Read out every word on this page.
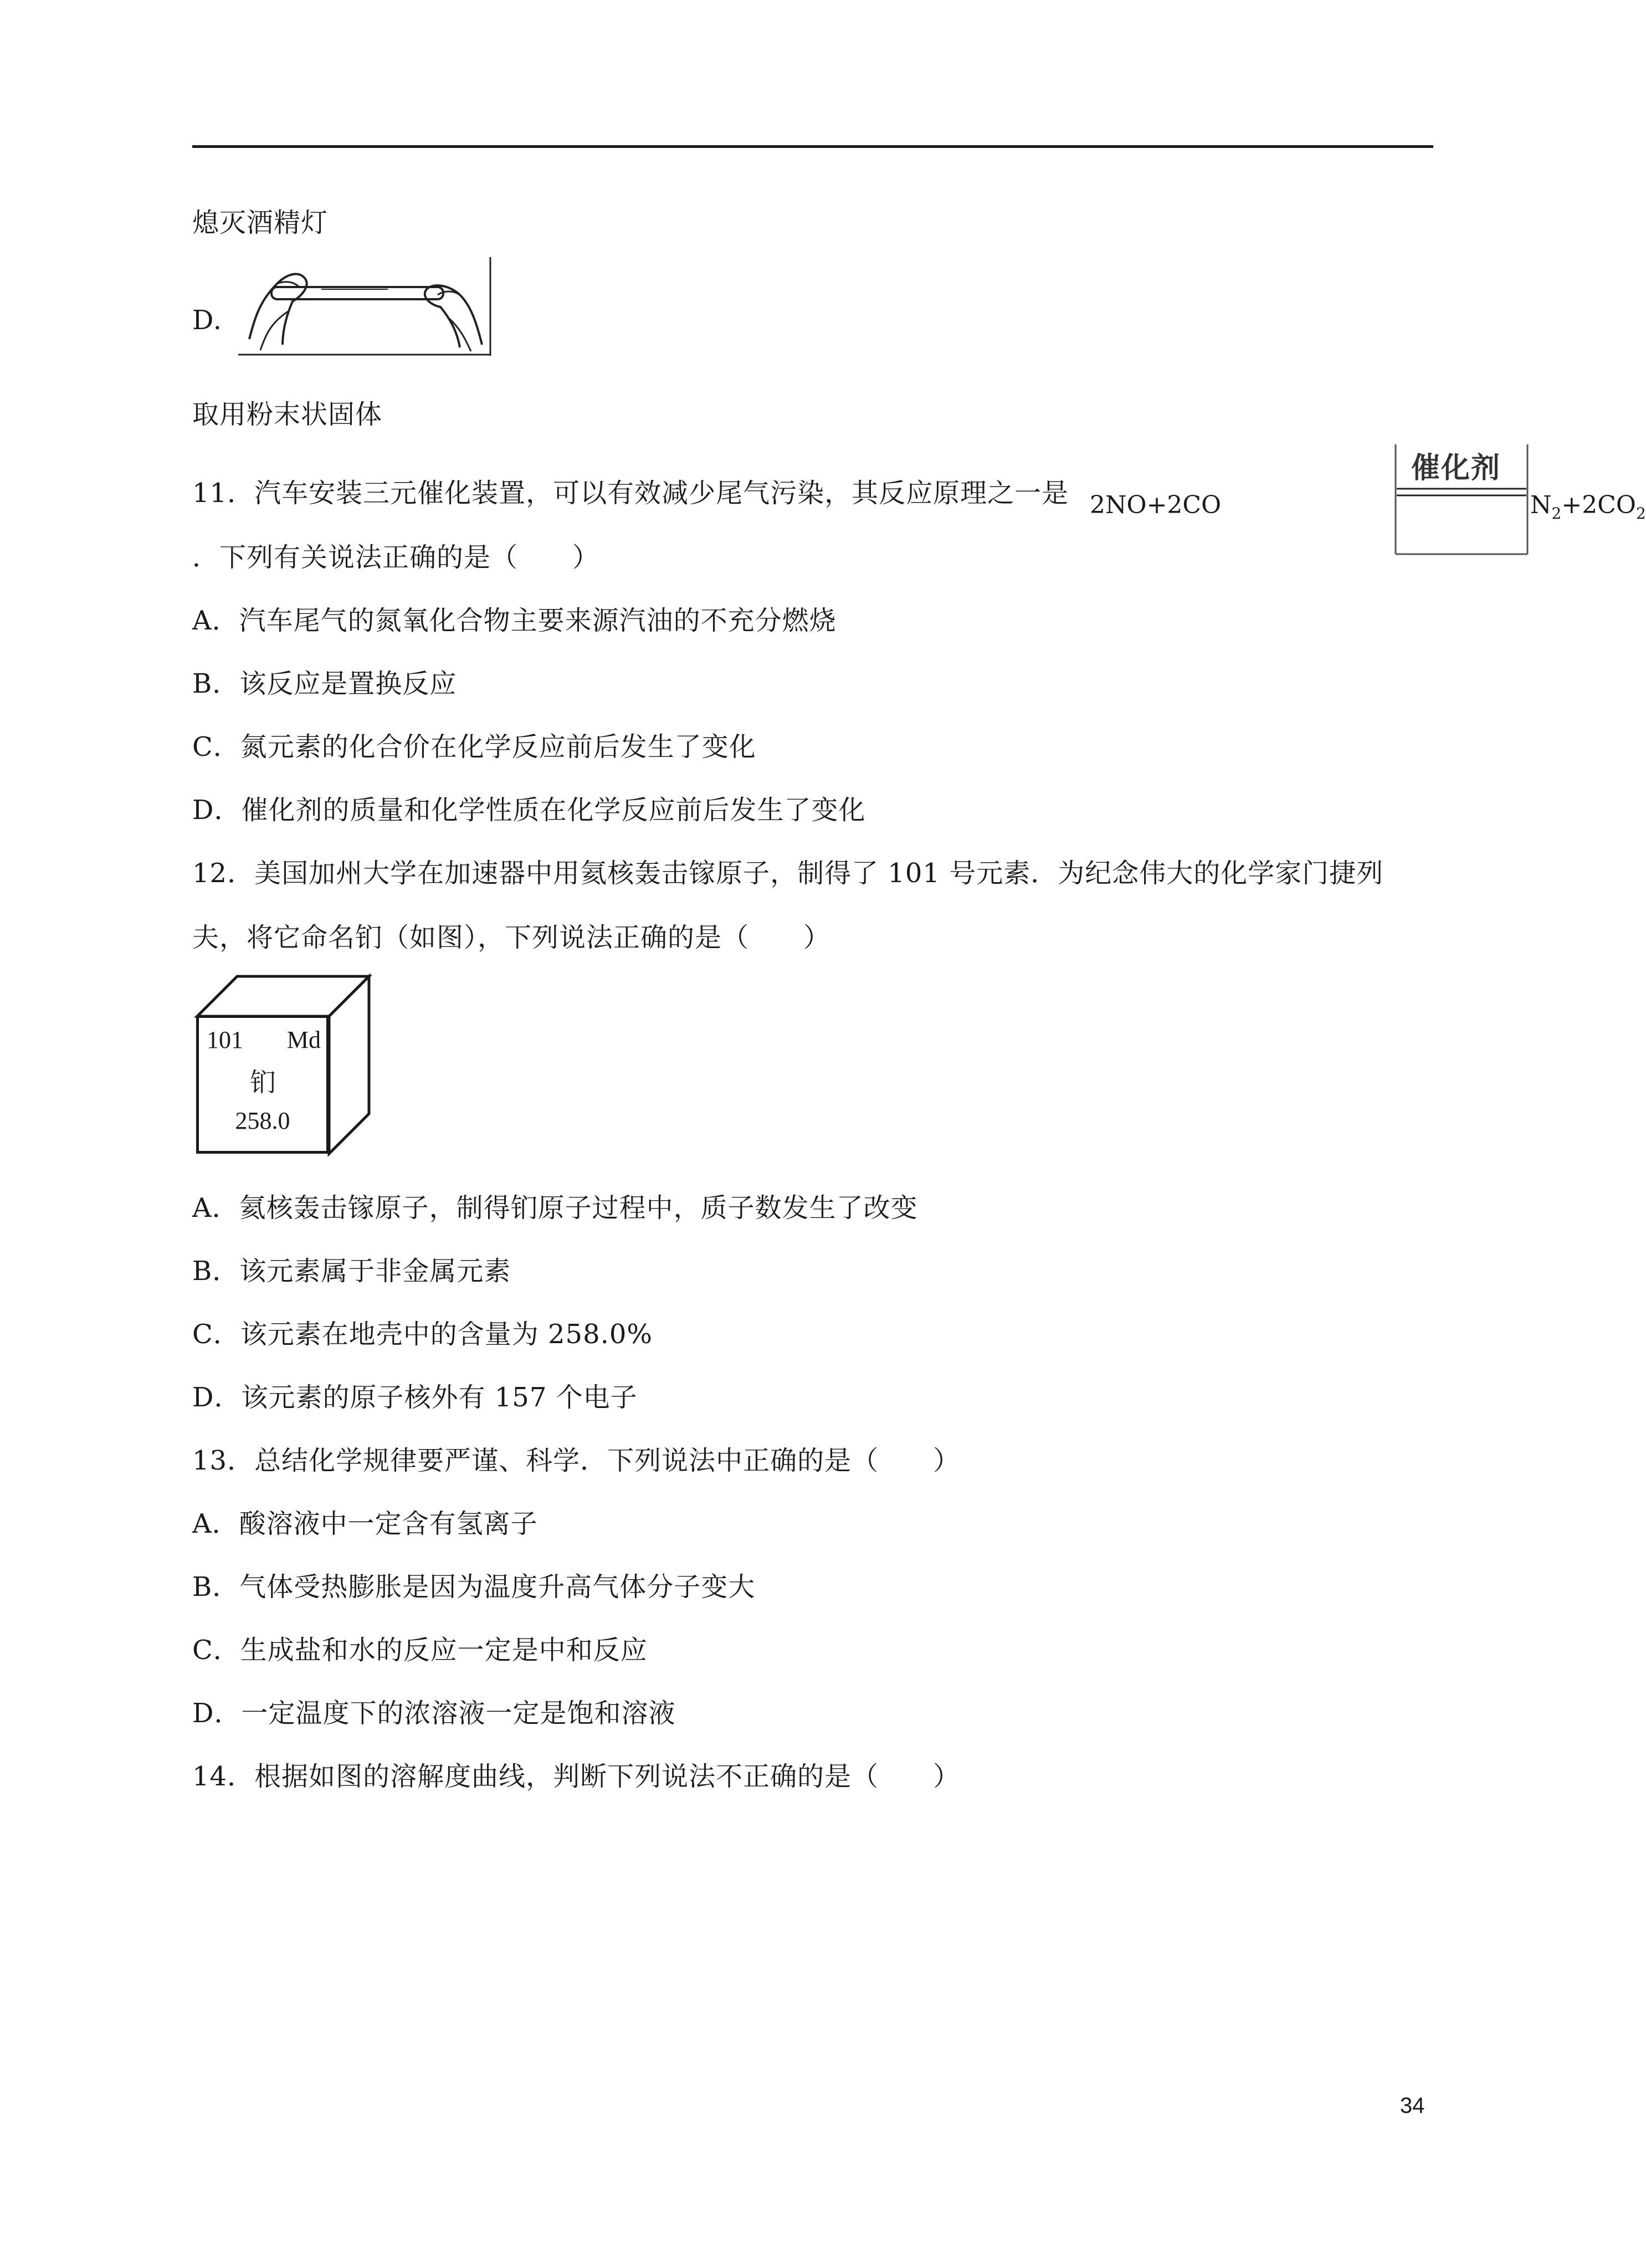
熄灭酒精灯
D.
取用粉末状固体
11．汽车安装三元催化装置，可以有效减少尾气污染，其反应原理之一是 2NO+2CO
催化剂
$N_2+2CO_2$
．下列有关说法正确的是（　　）
A．汽车尾气的氮氧化合物主要来源汽油的不充分燃烧
B．该反应是置换反应
C．氮元素的化合价在化学反应前后发生了变化
D．催化剂的质量和化学性质在化学反应前后发生了变化
12．美国加州大学在加速器中用氦核轰击镓原子，制得了 101 号元素．为纪念伟大的化学家门捷列
夫，将它命名钔（如图），下列说法正确的是（　　）
101 Md
钔
258.0
A．氦核轰击镓原子，制得钔原子过程中，质子数发生了改变
B．该元素属于非金属元素
C．该元素在地壳中的含量为 258.0%
D．该元素的原子核外有 157 个电子
13．总结化学规律要严谨、科学．下列说法中正确的是（　　）
A．酸溶液中一定含有氢离子
B．气体受热膨胀是因为温度升高气体分子变大
C．生成盐和水的反应一定是中和反应
D．一定温度下的浓溶液一定是饱和溶液
14．根据如图的溶解度曲线，判断下列说法不正确的是（　　）
34
